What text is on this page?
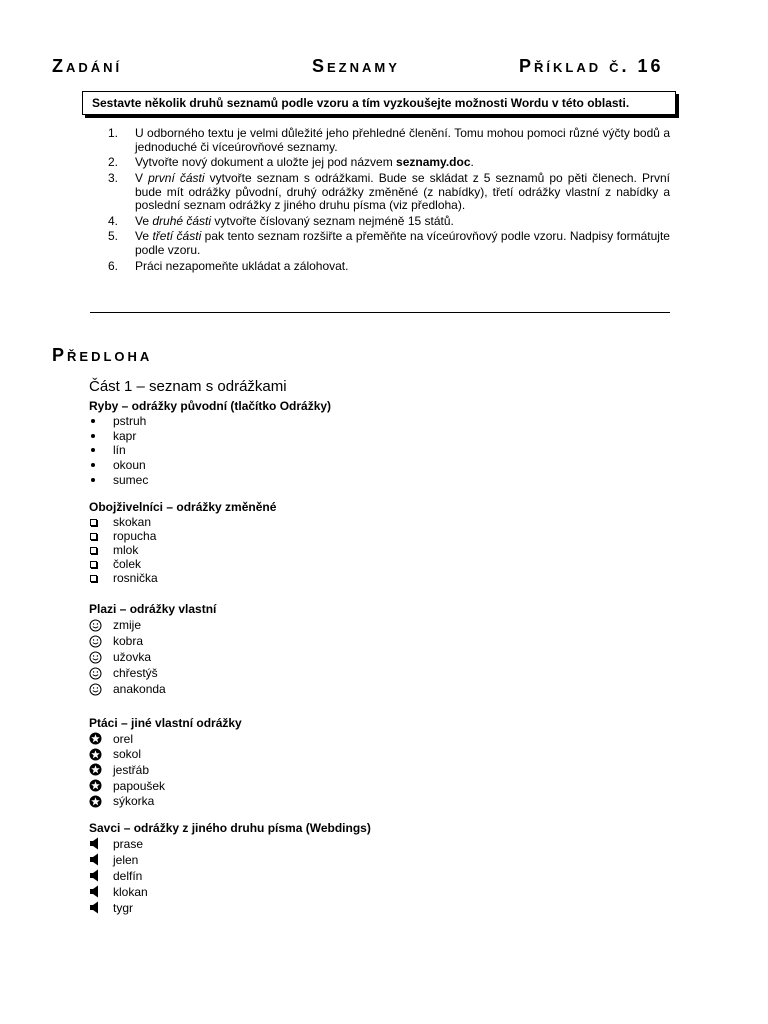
Zadání	Seznamy	Příklad č. 16
Sestavte několik druhů seznamů podle vzoru a tím vyzkoušejte možnosti Wordu v této oblasti.
1.	U odborného textu je velmi důležité jeho přehledné členění. Tomu mohou pomoci různé výčty bodů a jednoduché či víceúrovňové seznamy.
2.	Vytvořte nový dokument a uložte jej pod názvem seznamy.doc.
3.	V první části vytvořte seznam s odrážkami. Bude se skládat z 5 seznamů po pěti členech. První bude mít odrážky původní, druhý odrážky změněné (z nabídky), třetí odrážky vlastní z nabídky a poslední seznam odrážky z jiného druhu písma (viz předloha).
4.	Ve druhé části vytvořte číslovaný seznam nejméně 15 států.
5.	Ve třetí části pak tento seznam rozšiřte a přeměňte na víceúrovňový podle vzoru. Nadpisy formátujte podle vzoru.
6.	Práci nezapomeňte ukládat a zálohovat.
Předloha
Část 1 – seznam s odrážkami
Ryby – odrážky původní (tlačítko Odrážky)
pstruh
kapr
lín
okoun
sumec
Obojživelníci – odrážky změněné
skokan
ropucha
mlok
čolek
rosnička
Plazi – odrážky vlastní
zmije
kobra
užovka
chřestýš
anakonda
Ptáci – jiné vlastní odrážky
orel
sokol
jestřáb
papoušek
sýkorka
Savci – odrážky z jiného druhu písma (Webdings)
prase
jelen
delfín
klokan
tygr
